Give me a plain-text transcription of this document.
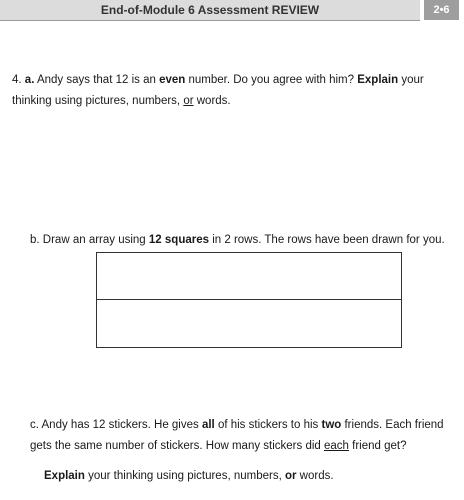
End-of-Module 6 Assessment REVIEW	2•6

4. a. Andy says that 12 is an even number. Do you agree with him? Explain your thinking using pictures, numbers, or words.

b. Draw an array using 12 squares in 2 rows. The rows have been drawn for you.

c. Andy has 12 stickers. He gives all of his stickers to his two friends. Each friend gets the same number of stickers. How many stickers did each friend get?

Explain your thinking using pictures, numbers, or words.
